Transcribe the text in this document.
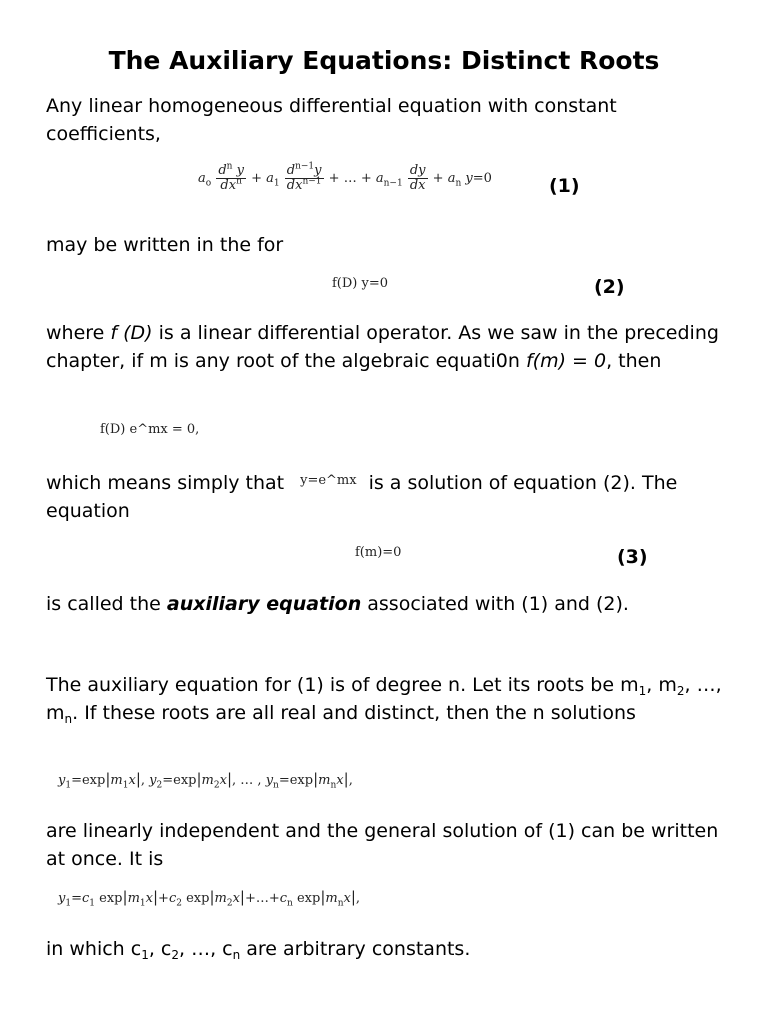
The Auxiliary Equations: Distinct Roots

Any linear homogeneous differential equation with constant coefficients,

$a_o \frac{d^n y}{dx^n} + a_1 \frac{d^{n-1}y}{dx^{n-1}}$ + … + $a_{n-1} \frac{dy}{dx} + a_n$ y=0	(1)

may be written in the for

f(D) y=0	(2)

where f (D) is a linear differential operator. As we saw in the preceding chapter, if m is any root of the algebraic equati0n f(m) = 0, then

f(D) e^mx = 0,

which means simply that y=e^mx is a solution of equation (2). The equation

f(m)=0	(3)

is called the auxiliary equation associated with (1) and (2).

The auxiliary equation for (1) is of degree n. Let its roots be $m_1$, $m_2$, …, $m_n$. If these roots are all real and distinct, then the n solutions

$y_1=\exp|m_1x|$, $y_2=\exp|m_2x|$, … , $y_n=\exp|m_nx|$,

are linearly independent and the general solution of (1) can be written at once. It is

$y_1=c_1$ $\exp|m_1x|+c_2$ $\exp|m_2x|+\dots+c_n$ $\exp|m_nx|$,

in which $c_1$, $c_2$, …, $c_n$ are arbitrary constants.
